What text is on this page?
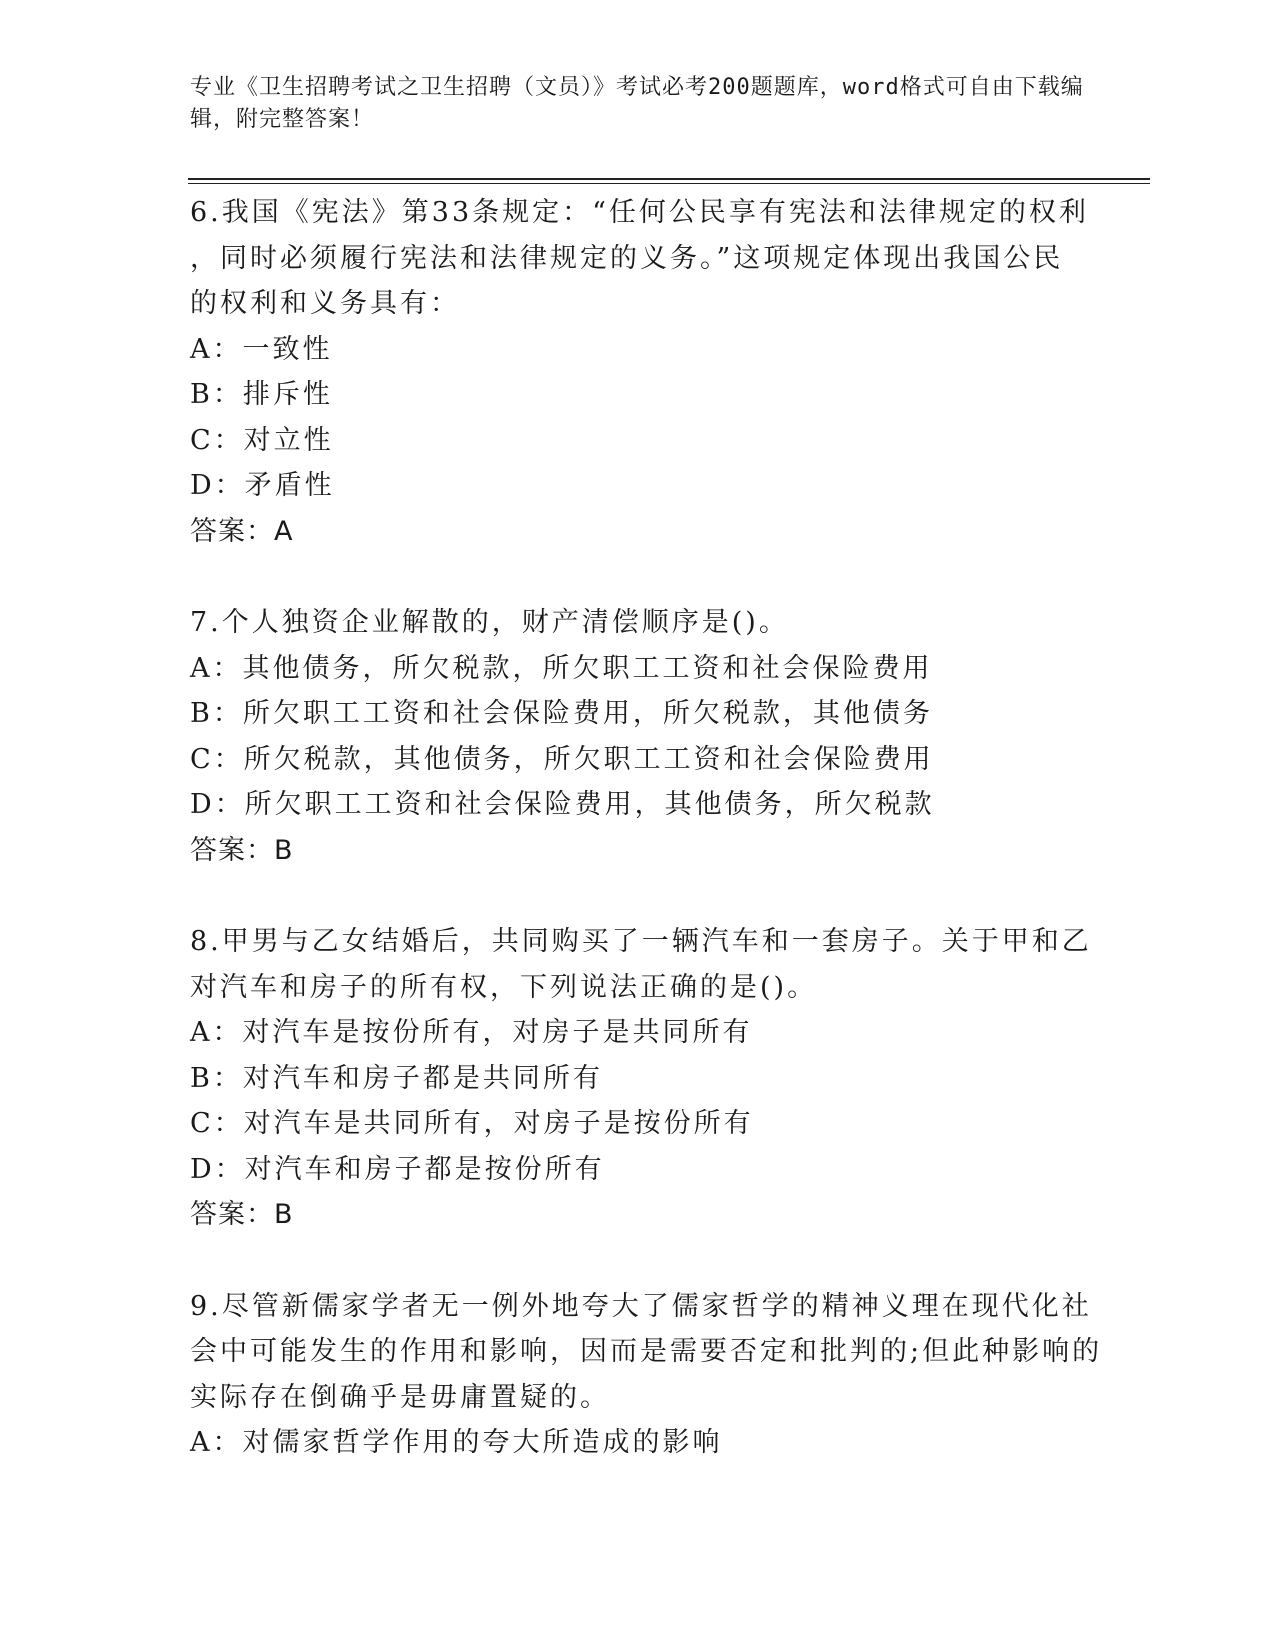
专业《卫生招聘考试之卫生招聘（文员）》考试必考200题题库，word格式可自由下载编辑，附完整答案！
6.我国《宪法》第33条规定：“任何公民享有宪法和法律规定的权利
，同时必须履行宪法和法律规定的义务。”这项规定体现出我国公民
的权利和义务具有：
A：一致性
B：排斥性
C：对立性
D：矛盾性
答案：A
7.个人独资企业解散的，财产清偿顺序是()。
A：其他债务，所欠税款，所欠职工工资和社会保险费用
B：所欠职工工资和社会保险费用，所欠税款，其他债务
C：所欠税款，其他债务，所欠职工工资和社会保险费用
D：所欠职工工资和社会保险费用，其他债务，所欠税款
答案：B
8.甲男与乙女结婚后，共同购买了一辆汽车和一套房子。关于甲和乙
对汽车和房子的所有权，下列说法正确的是()。
A：对汽车是按份所有，对房子是共同所有
B：对汽车和房子都是共同所有
C：对汽车是共同所有，对房子是按份所有
D：对汽车和房子都是按份所有
答案：B
9.尽管新儒家学者无一例外地夸大了儒家哲学的精神义理在现代化社
会中可能发生的作用和影响，因而是需要否定和批判的;但此种影响的
实际存在倒确乎是毋庸置疑的。
A：对儒家哲学作用的夸大所造成的影响
